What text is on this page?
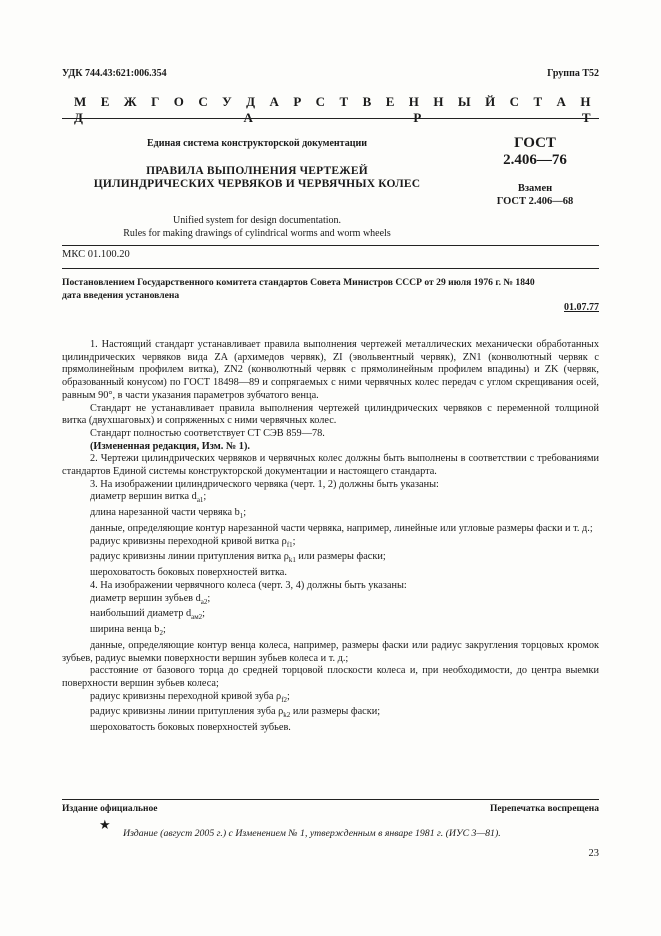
УДК 744.43:621:006.354	Группа Т52
М Е Ж Г О С У Д А Р С Т В Е Н Н Ы Й С Т А Н Д А Р Т
Единая система конструкторской документации
ПРАВИЛА ВЫПОЛНЕНИЯ ЧЕРТЕЖЕЙ
ЦИЛИНДРИЧЕСКИХ ЧЕРВЯКОВ И ЧЕРВЯЧНЫХ КОЛЕС
ГОСТ
2.406—76
Взамен
ГОСТ 2.406—68
Unified system for design documentation.
Rules for making drawings of cylindrical worms and worm wheels
МКС 01.100.20
Постановлением Государственного комитета стандартов Совета Министров СССР от 29 июля 1976 г. № 1840
дата введения установлена
01.07.77

1. Настоящий стандарт устанавливает правила выполнения чертежей металлических механически обработанных цилиндрических червяков вида ZA (архимедов червяк), ZI (эвольвентный червяк), ZN1 (конволютный червяк с прямолинейным профилем витка), ZN2 (конволютный червяк с прямолинейным профилем впадины) и ZK (червяк, образованный конусом) по ГОСТ 18498—89 и сопрягаемых с ними червячных колес передач с углом скрещивания осей, равным 90°, в части указания параметров зубчатого венца.

Стандарт не устанавливает правила выполнения чертежей цилиндрических червяков с переменной толщиной витка (двухшаговых) и сопряженных с ними червячных колес.

Стандарт полностью соответствует СТ СЭВ 859—78.

(Измененная редакция, Изм. № 1).

2. Чертежи цилиндрических червяков и червячных колес должны быть выполнены в соответствии с требованиями стандартов Единой системы конструкторской документации и настоящего стандарта.

3. На изображении цилиндрического червяка (черт. 1, 2) должны быть указаны:

диаметр вершин витка $d_{a1}$;

длина нарезанной части червяка $b_1$;

данные, определяющие контур нарезанной части червяка, например, линейные или угловые размеры фаски и т. д.;

радиус кривизны переходной кривой витка $\rho_{f1}$;

радиус кривизны линии притупления витка $\rho_{k1}$ или размеры фаски;

шероховатость боковых поверхностей витка.

4. На изображении червячного колеса (черт. 3, 4) должны быть указаны:

диаметр вершин зубьев $d_{a2}$;

наибольший диаметр $d_{aм2}$;

ширина венца $b_2$;

данные, определяющие контур венца колеса, например, размеры фаски или радиус закругления торцовых кромок зубьев, радиус выемки поверхности вершин зубьев колеса и т. д.;

расстояние от базового торца до средней торцовой плоскости колеса и, при необходимости, до центра выемки поверхности вершин зубьев колеса;

радиус кривизны переходной кривой зуба $\rho_{f2}$;

радиус кривизны линии притупления зуба $\rho_{k2}$ или размеры фаски;

шероховатость боковых поверхностей зубьев.

Издание официальное	Перепечатка воспрещена
★
Издание (август 2005 г.) с Изменением № 1, утвержденным в январе 1981 г. (ИУС 3—81).
23
